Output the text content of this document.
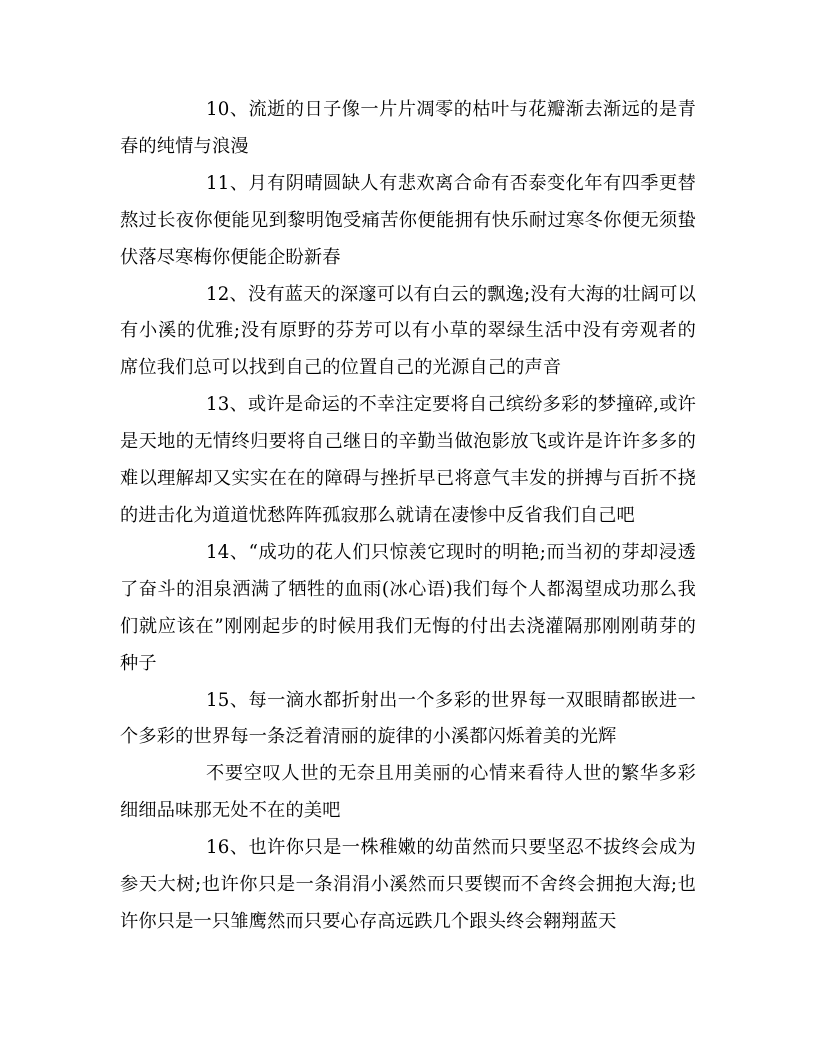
10、流逝的日子像一片片凋零的枯叶与花瓣渐去渐远的是青春的纯情与浪漫

11、月有阴晴圆缺人有悲欢离合命有否泰变化年有四季更替熬过长夜你便能见到黎明饱受痛苦你便能拥有快乐耐过寒冬你便无须蛰伏落尽寒梅你便能企盼新春

12、没有蓝天的深邃可以有白云的飘逸;没有大海的壮阔可以有小溪的优雅;没有原野的芬芳可以有小草的翠绿生活中没有旁观者的席位我们总可以找到自己的位置自己的光源自己的声音

13、或许是命运的不幸注定要将自己缤纷多彩的梦撞碎,或许是天地的无情终归要将自己继日的辛勤当做泡影放飞或许是许许多多的难以理解却又实实在在的障碍与挫折早已将意气丰发的拼搏与百折不挠的进击化为道道忧愁阵阵孤寂那么就请在凄惨中反省我们自己吧

14、“成功的花人们只惊羡它现时的明艳;而当初的芽却浸透了奋斗的泪泉洒满了牺牲的血雨(冰心语)我们每个人都渴望成功那么我们就应该在”刚刚起步的时候用我们无悔的付出去浇灌隔那刚刚萌芽的种子

15、每一滴水都折射出一个多彩的世界每一双眼睛都嵌进一个多彩的世界每一条泛着清丽的旋律的小溪都闪烁着美的光辉

不要空叹人世的无奈且用美丽的心情来看待人世的繁华多彩细细品味那无处不在的美吧

16、也许你只是一株稚嫩的幼苗然而只要坚忍不拔终会成为参天大树;也许你只是一条涓涓小溪然而只要锲而不舍终会拥抱大海;也许你只是一只雏鹰然而只要心存高远跌几个跟头终会翱翔蓝天
